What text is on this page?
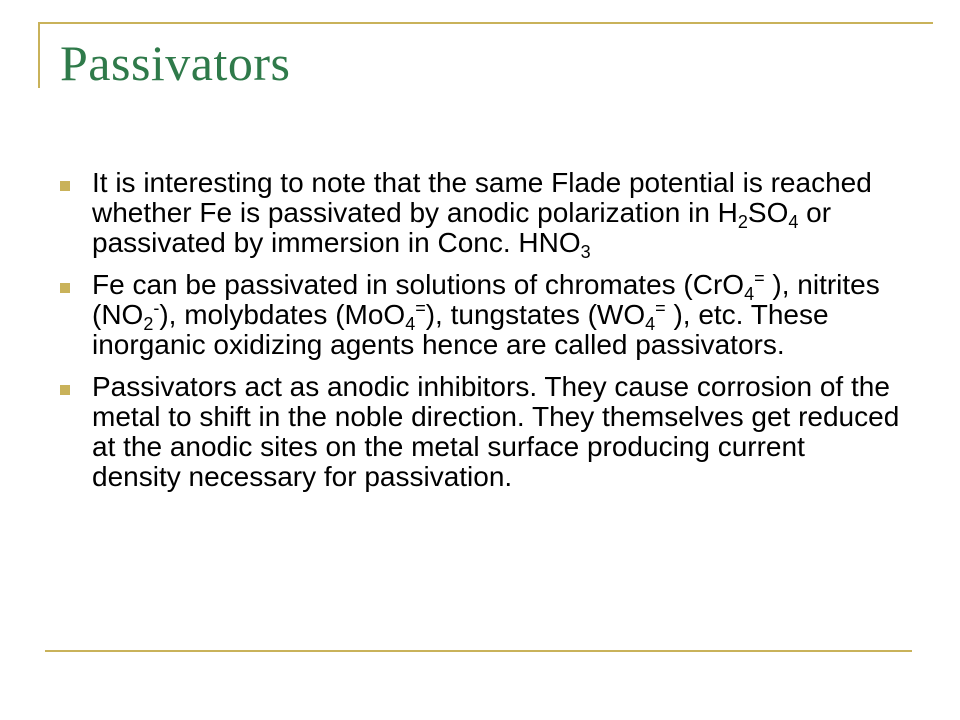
Passivators
It is interesting to note that the same Flade potential is reached whether Fe is passivated by anodic polarization in $H_2SO_4$ or passivated by immersion in Conc. $HNO_3$
Fe can be passivated in solutions of chromates (CrO$_4$= ), nitrites $(NO_2^-)$, molybdates (MoO$_4$=), tungstates ($WO_4^=$ ), etc. These inorganic oxidizing agents hence are called passivators.
Passivators act as anodic inhibitors. They cause corrosion of the metal to shift in the noble direction. They themselves get reduced at the anodic sites on the metal surface producing current density necessary for passivation.
